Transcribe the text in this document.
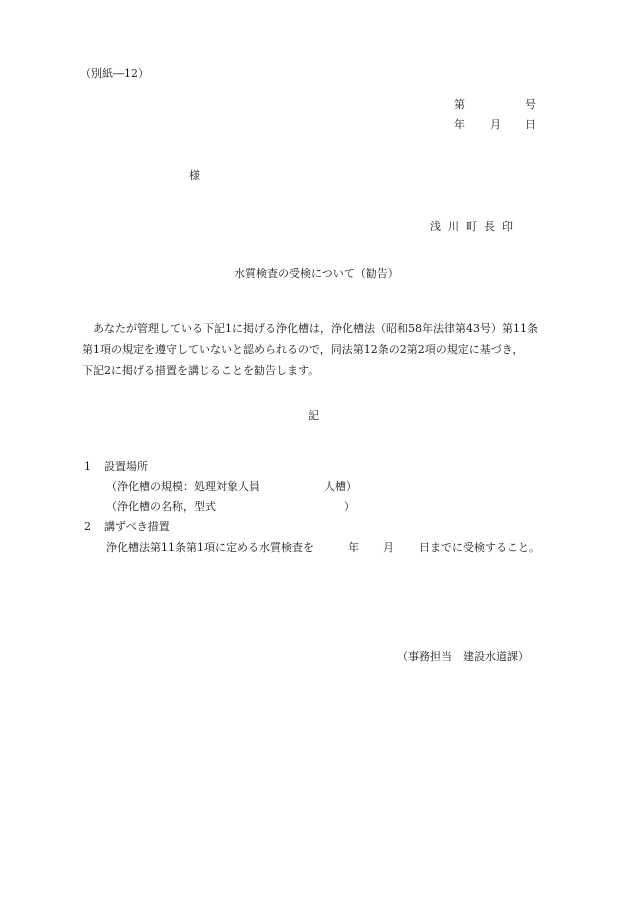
（別紙―12）
第	号
年 月 日
様
浅川町長印
水質検査の受検について（勧告）
あなたが管理している下記1に掲げる浄化槽は，浄化槽法（昭和58年法律第43号）第11条
第1項の規定を遵守していないと認められるので，同法第12条の2第2項の規定に基づき，
下記2に掲げる措置を講じることを勧告します。
記
1 設置場所
（浄化槽の規模：処理対象人員	人槽）
（浄化槽の名称，型式	）
2 講ずべき措置
浄化槽法第11条第1項に定める水質検査を	年 月 日までに受検すること。
（事務担当　建設水道課）
